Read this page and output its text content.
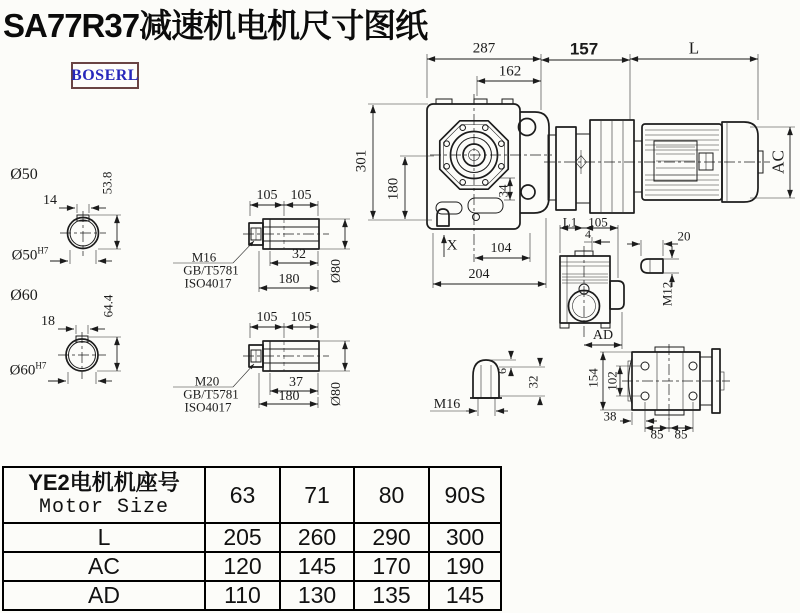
SA77R37减速机电机尺寸图纸
BOSERL
287
162
157	L
301
180	34
X 104
204
AC
Ø50
14
53.8
$Ø50^{H7}$
Ø60
18
64.4
$Ø60^{H7}$
105 105
M16
GB/T5781
ISO4017
32
180 Ø80
105 105
M20
GB/T5781
ISO4017
37
180 Ø80
L1 105
4
AD
20
M12
6
32
M16
154 102
38
85 85
YE2电机机座号
Motor Size	63	71	80	90S
L	205	260	290	300
AC	120	145	170	190
AD	110	130	135	145
